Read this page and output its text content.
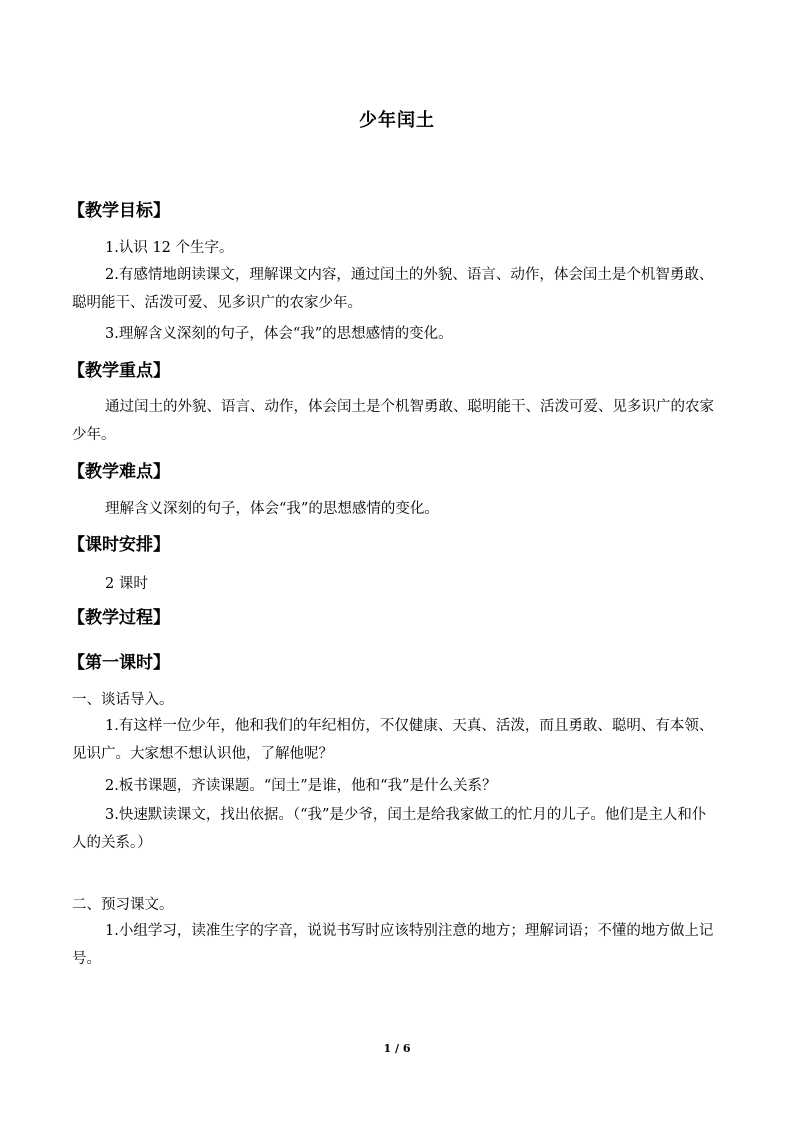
少年闰土
【教学目标】
1.认识 12 个生字。
2.有感情地朗读课文，理解课文内容，通过闰土的外貌、语言、动作，体会闰土是个机智勇敢、聪明能干、活泼可爱、见多识广的农家少年。
3.理解含义深刻的句子，体会“我”的思想感情的变化。
【教学重点】
通过闰土的外貌、语言、动作，体会闰土是个机智勇敢、聪明能干、活泼可爱、见多识广的农家少年。
【教学难点】
理解含义深刻的句子，体会“我”的思想感情的变化。
【课时安排】
2 课时
【教学过程】
【第一课时】
一、谈话导入。
1.有这样一位少年，他和我们的年纪相仿，不仅健康、天真、活泼，而且勇敢、聪明、有本领、见识广。大家想不想认识他，了解他呢？
2.板书课题，齐读课题。“闰土”是谁，他和“我”是什么关系？
3.快速默读课文，找出依据。（“我”是少爷，闰土是给我家做工的忙月的儿子。他们是主人和仆人的关系。）
二、预习课文。
1.小组学习，读准生字的字音，说说书写时应该特别注意的地方；理解词语；不懂的地方做上记号。
1 / 6
